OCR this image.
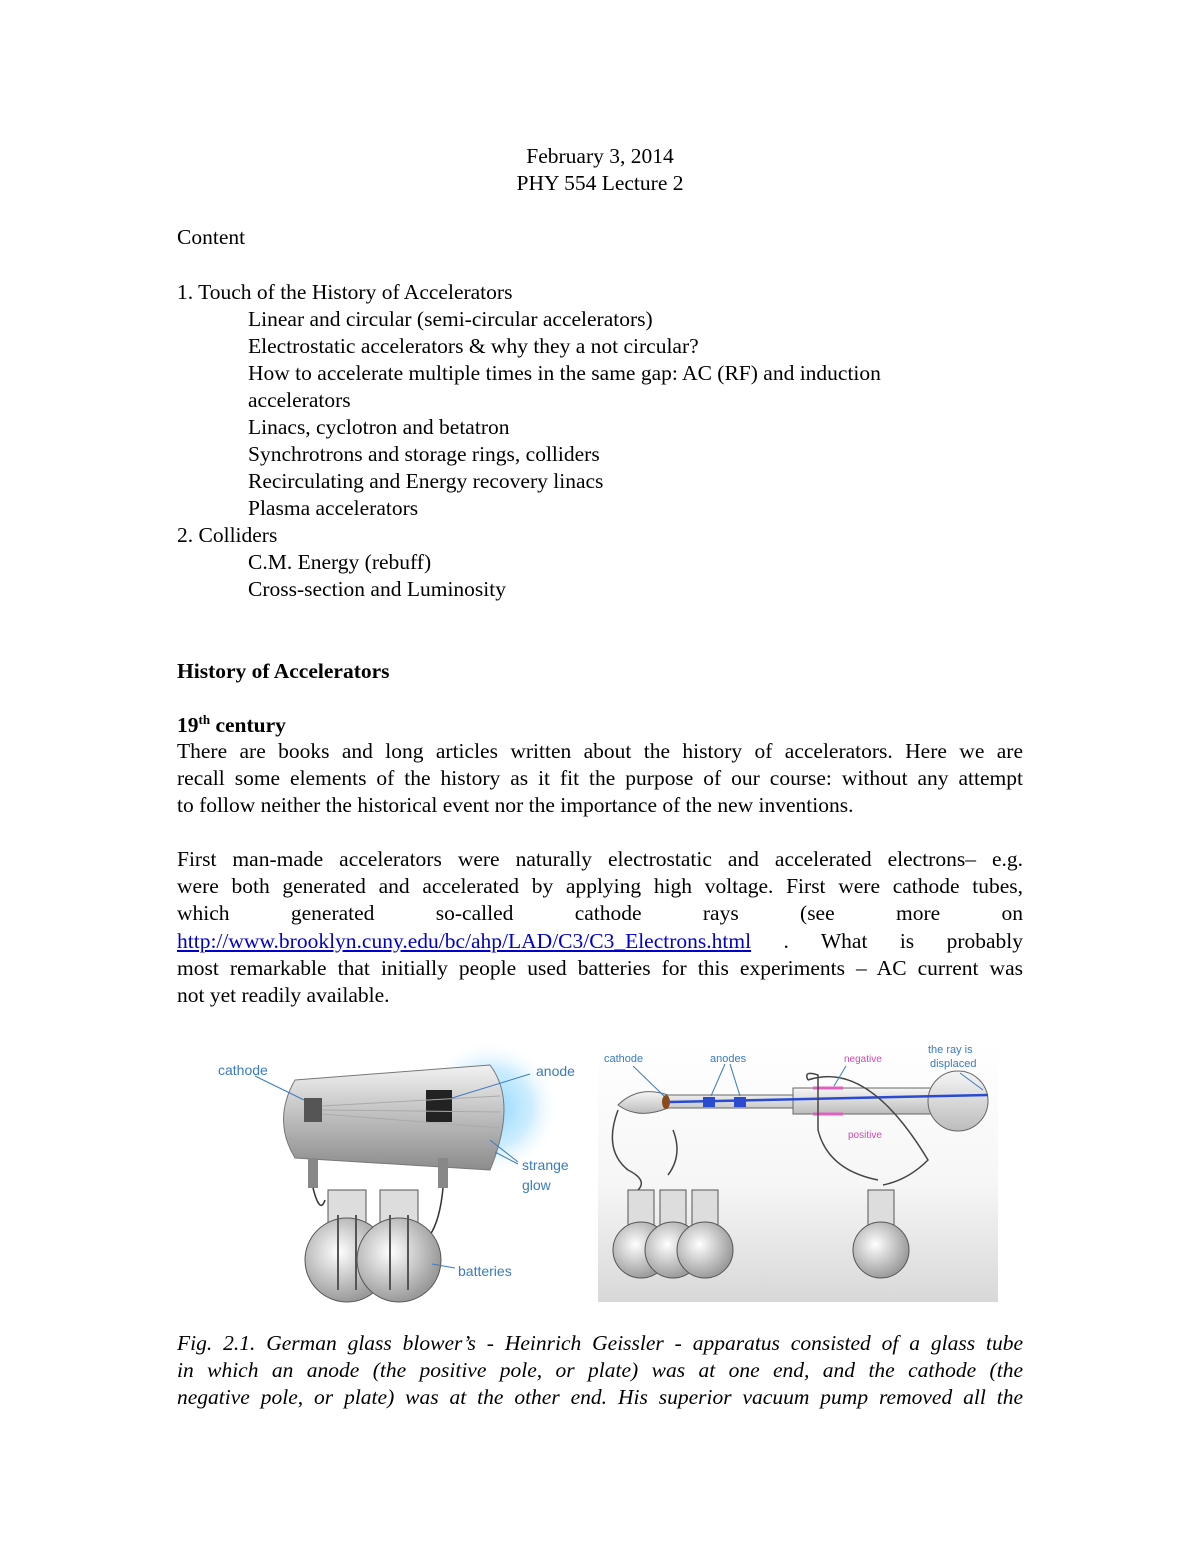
February 3, 2014
PHY 554 Lecture 2
Content
1. Touch of the History of Accelerators
Linear and circular (semi-circular accelerators)
Electrostatic accelerators & why they a not circular?
How to accelerate multiple times in the same gap: AC (RF) and induction
accelerators
Linacs, cyclotron and betatron
Synchrotrons and storage rings, colliders
Recirculating and Energy recovery linacs
Plasma accelerators
2. Colliders
C.M. Energy (rebuff)
Cross-section and Luminosity
History of Accelerators
19th century
There are books and long articles written about the history of accelerators. Here we are
recall some elements of the history as it fit the purpose of our course: without any attempt
to follow neither the historical event nor the importance of the new inventions.
First man-made accelerators were naturally electrostatic and accelerated electrons– e.g.
were both generated and accelerated by applying high voltage. First were cathode tubes,
which generated so-called cathode rays (see more on
http://www.brooklyn.cuny.edu/bc/ahp/LAD/C3/C3_Electrons.html . What is probably
most remarkable that initially people used batteries for this experiments – AC current was
not yet readily available.
cathode	anode
strange
glow
batteries
cathode	anodes	negative
positive
the ray is
displaced
Fig. 2.1. German glass blower’s - Heinrich Geissler - apparatus consisted of a glass tube
in which an anode (the positive pole, or plate) was at one end, and the cathode (the
negative pole, or plate) was at the other end. His superior vacuum pump removed all the
